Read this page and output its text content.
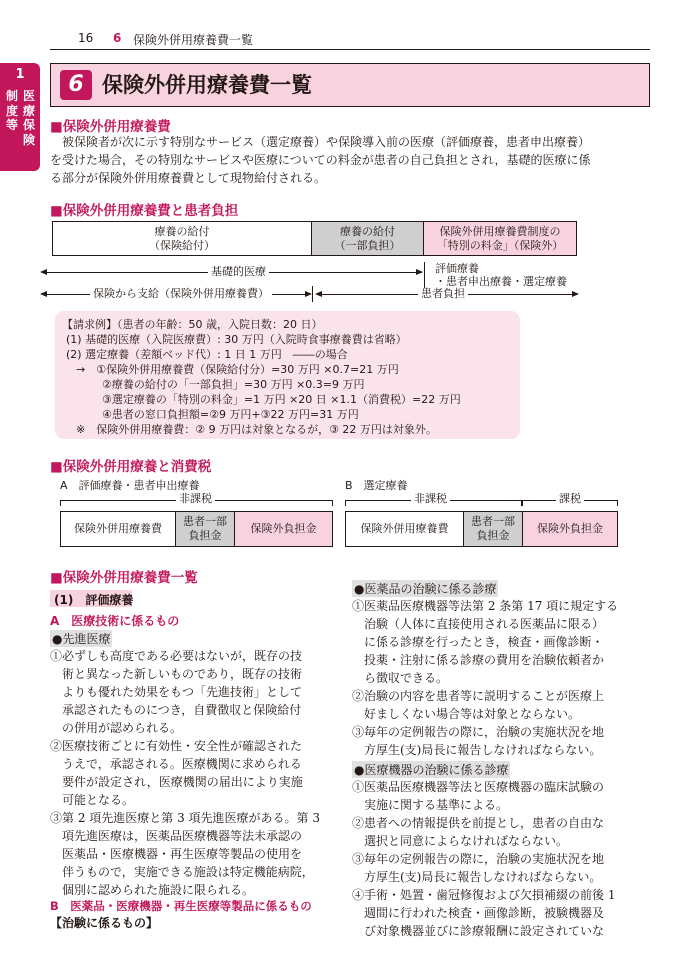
16 6 保険外併用療養費一覧
1
医療保険
制度等
6 保険外併用療養費一覧
■保険外併用療養費
被保険者が次に示す特別なサービス（選定療養）や保険導入前の医療（評価療養，患者申出療養）
を受けた場合，その特別なサービスや医療についての料金が患者の自己負担とされ，基礎的医療に係
る部分が保険外併用療養費として現物給付される。
■保険外併用療養費と患者負担
療養の給付
（保険給付）
療養の給付
（一部負担）
保険外併用療養費制度の
「特別の料金」（保険外）
基礎的医療	評価療養
・患者申出療養・選定療養
保険から支給（保険外併用療養費）	患者負担
【請求例】（患者の年齢：50 歳，入院日数：20 日）
(1) 基礎的医療（入院医療費）: 30 万円（入院時食事療養費は省略）
(2) 選定療養（差額ベッド代）: 1 日 1 万円　――の場合
→　①保険外併用療養費（保険給付分）=30 万円 ×0.7=21 万円
②療養の給付の「一部負担」=30 万円 ×0.3=9 万円
③選定療養の「特別の料金」=1 万円 ×20 日 ×1.1（消費税）=22 万円
④患者の窓口負担額=②9 万円+③22 万円=31 万円
※　保険外併用療養費：② 9 万円は対象となるが，③ 22 万円は対象外。
■保険外併用療養と消費税
A　評価療養・患者申出療養	B　選定療養
非課税
保険外併用療養費
患者一部
負担金
保険外負担金
非課税	課税
保険外併用療養費
患者一部
負担金
保険外負担金
■保険外併用療養費一覧
(1)　評価療養
A　医療技術に係るもの
●先進医療
①必ずしも高度である必要はないが，既存の技
　術と異なった新しいものであり，既存の技術
　よりも優れた効果をもつ「先進技術」として
　承認されたものにつき，自費徴収と保険給付
　の併用が認められる。
②医療技術ごとに有効性・安全性が確認された
　うえで，承認される。医療機関に求められる
　要件が設定され，医療機関の届出により実施
　可能となる。
③第 2 項先進医療と第 3 項先進医療がある。第 3
　項先進医療は，医薬品医療機器等法未承認の
　医薬品・医療機器・再生医療等製品の使用を
　伴うもので，実施できる施設は特定機能病院，
　個別に認められた施設に限られる。
B　医薬品・医療機器・再生医療等製品に係るもの
【治験に係るもの】
●医薬品の治験に係る診療
①医薬品医療機器等法第 2 条第 17 項に規定する
　治験（人体に直接使用される医薬品に限る）
　に係る診療を行ったとき，検査・画像診断・
　投薬・注射に係る診療の費用を治験依頼者か
　ら徴収できる。
②治験の内容を患者等に説明することが医療上
　好ましくない場合等は対象とならない。
③毎年の定例報告の際に，治験の実施状況を地
　方厚生(支)局長に報告しなければならない。
●医療機器の治験に係る診療
①医薬品医療機器等法と医療機器の臨床試験の
　実施に関する基準による。
②患者への情報提供を前提とし，患者の自由な
　選択と同意によらなければならない。
③毎年の定例報告の際に，治験の実施状況を地
　方厚生(支)局長に報告しなければならない。
④手術・処置・歯冠修復および欠損補綴の前後 1
　週間に行われた検査・画像診断，被験機器及
　び対象機器並びに診療報酬に設定されていな
